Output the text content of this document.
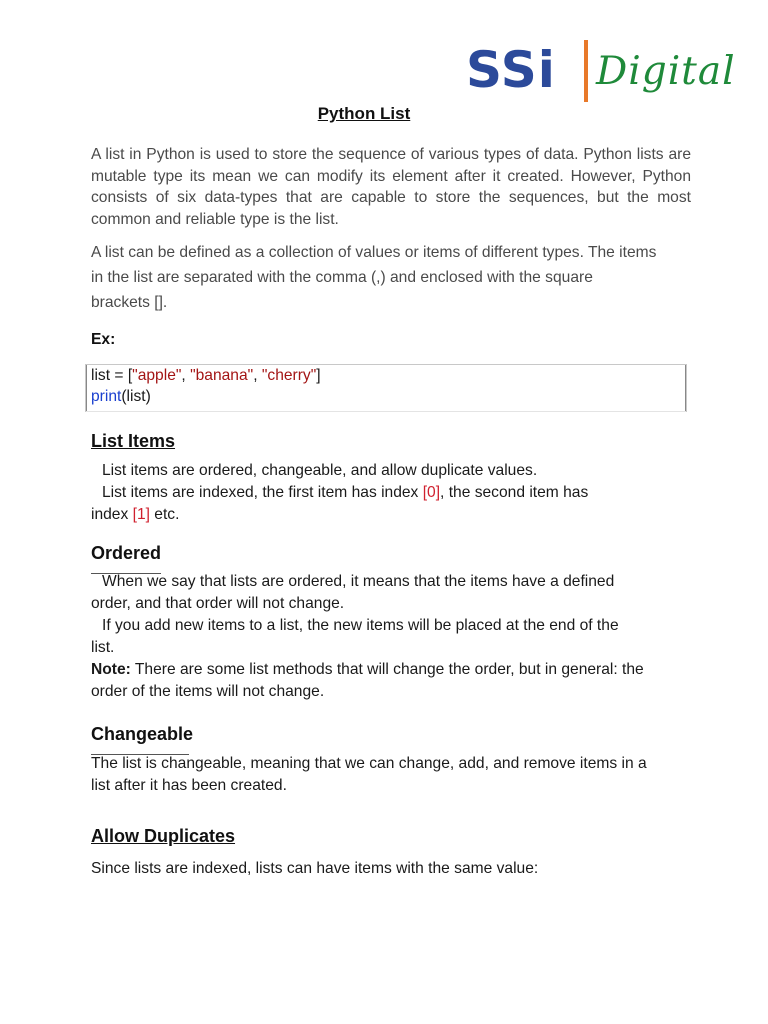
SSi Digital
Python List
A list in Python is used to store the sequence of various types of data. Python lists are mutable type its mean we can modify its element after it created. However, Python consists of six data-types that are capable to store the sequences, but the most common and reliable type is the list.
A list can be defined as a collection of values or items of different types. The items
in the list are separated with the comma (,) and enclosed with the square
brackets [].
Ex:
list = ["apple", "banana", "cherry"]
print(list)
List Items
List items are ordered, changeable, and allow duplicate values.
List items are indexed, the first item has index [0], the second item has
index [1] etc.
Ordered
When we say that lists are ordered, it means that the items have a defined
order, and that order will not change.
If you add new items to a list, the new items will be placed at the end of the
list.
Note: There are some list methods that will change the order, but in general: the
order of the items will not change.
Changeable
The list is changeable, meaning that we can change, add, and remove items in a
list after it has been created.
Allow Duplicates
Since lists are indexed, lists can have items with the same value:
